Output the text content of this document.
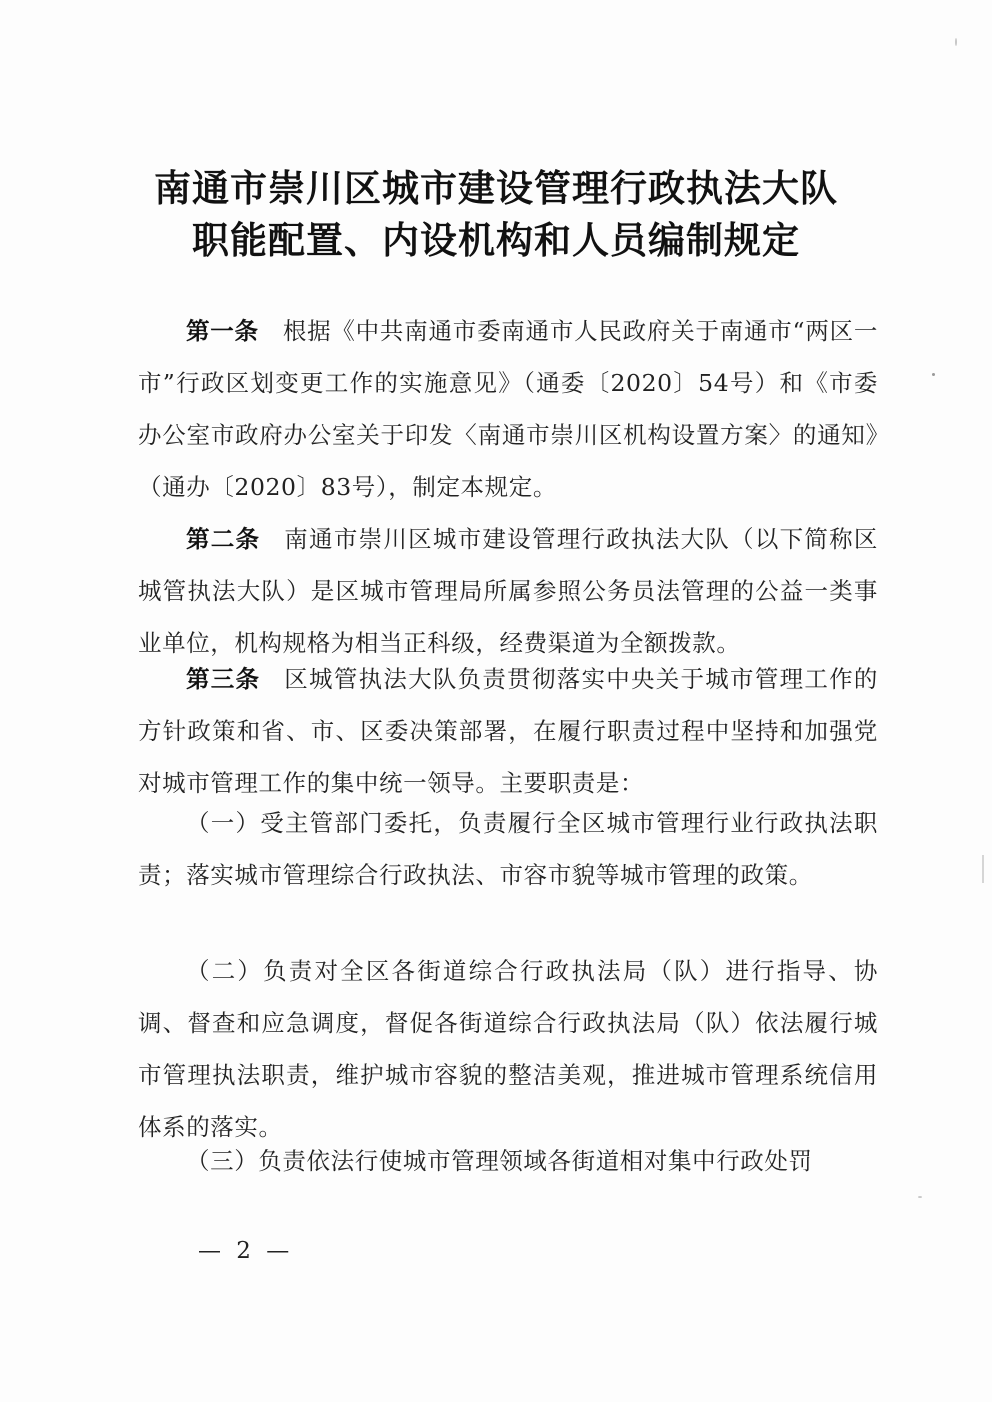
南通市崇川区城市建设管理行政执法大队
职能配置、内设机构和人员编制规定

第一条 根据《中共南通市委南通市人民政府关于南通市“两区一市”行政区划变更工作的实施意见》（通委〔2020〕54号）和《市委办公室市政府办公室关于印发〈南通市崇川区机构设置方案〉的通知》（通办〔2020〕83号），制定本规定。

第二条 南通市崇川区城市建设管理行政执法大队（以下简称区城管执法大队）是区城市管理局所属参照公务员法管理的公益一类事业单位，机构规格为相当正科级，经费渠道为全额拨款。

第三条 区城管执法大队负责贯彻落实中央关于城市管理工作的方针政策和省、市、区委决策部署，在履行职责过程中坚持和加强党对城市管理工作的集中统一领导。主要职责是：

（一）受主管部门委托，负责履行全区城市管理行业行政执法职责；落实城市管理综合行政执法、市容市貌等城市管理的政策。

（二）负责对全区各街道综合行政执法局（队）进行指导、协调、督查和应急调度，督促各街道综合行政执法局（队）依法履行城市管理执法职责，维护城市容貌的整洁美观，推进城市管理系统信用体系的落实。

（三）负责依法行使城市管理领域各街道相对集中行政处罚

— 2 —
